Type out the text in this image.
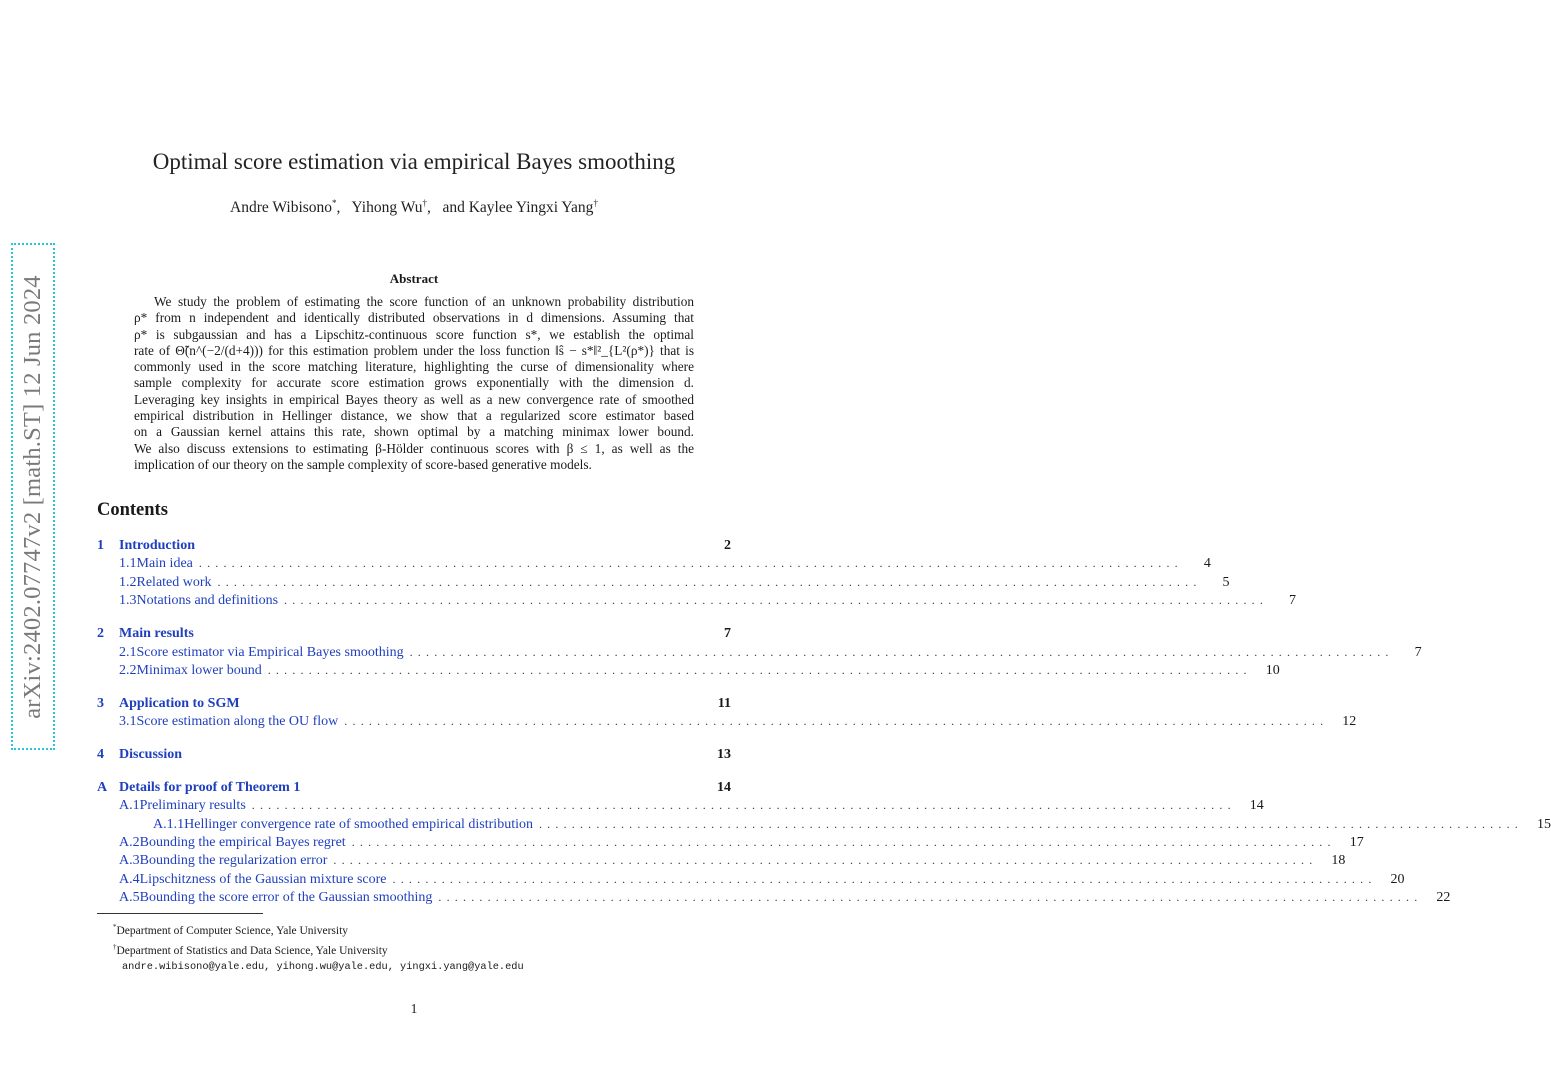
arXiv:2402.07747v2 [math.ST] 12 Jun 2024
Optimal score estimation via empirical Bayes smoothing
Andre Wibisono*,   Yihong Wu†,   and Kaylee Yingxi Yang†
Abstract
We study the problem of estimating the score function of an unknown probability distribution
ρ* from n independent and identically distributed observations in d dimensions. Assuming that
ρ* is subgaussian and has a Lipschitz-continuous score function s*, we establish the optimal
rate of Θ̃(n^(−2/(d+4))) for this estimation problem under the loss function ‖ŝ − s*‖²_{L²(ρ*)} that is
commonly used in the score matching literature, highlighting the curse of dimensionality where
sample complexity for accurate score estimation grows exponentially with the dimension d.
Leveraging key insights in empirical Bayes theory as well as a new convergence rate of smoothed
empirical distribution in Hellinger distance, we show that a regularized score estimator based
on a Gaussian kernel attains this rate, shown optimal by a matching minimax lower bound.
We also discuss extensions to estimating β-Hölder continuous scores with β ≤ 1, as well as the
implication of our theory on the sample complexity of score-based generative models.
Contents
1	Introduction	2
1.1 Main idea ........................................................................................................................	4
1.2 Related work ........................................................................................................................	5
1.3 Notations and definitions ........................................................................................................................	7
2	Main results	7
2.1 Score estimator via Empirical Bayes smoothing ........................................................................................................................	7
2.2 Minimax lower bound ........................................................................................................................	10
3	Application to SGM	11
3.1 Score estimation along the OU flow ........................................................................................................................	12
4	Discussion	13
A Details for proof of Theorem 1	14
A.1 Preliminary results ........................................................................................................................	14
A.1.1 Hellinger convergence rate of smoothed empirical distribution ........................................................................................................................	15
A.2 Bounding the empirical Bayes regret ........................................................................................................................	17
A.3 Bounding the regularization error ........................................................................................................................	18
A.4 Lipschitzness of the Gaussian mixture score ........................................................................................................................	20
A.5 Bounding the score error of the Gaussian smoothing ........................................................................................................................	22
*Department of Computer Science, Yale University
†Department of Statistics and Data Science, Yale University
andre.wibisono@yale.edu, yihong.wu@yale.edu, yingxi.yang@yale.edu
1
